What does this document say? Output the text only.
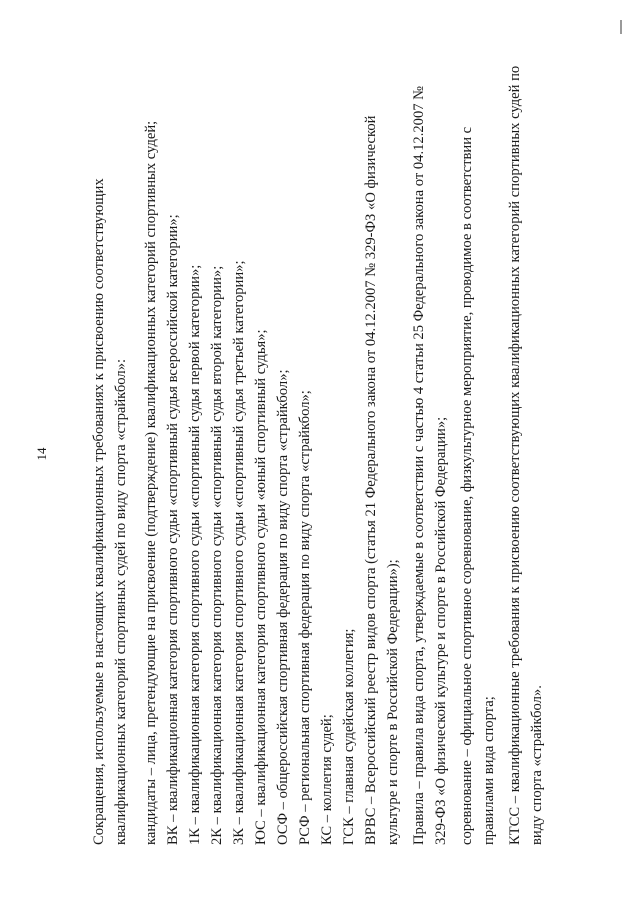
14	Сокращения, используемые в настоящих квалификационных требованиях к присвоению соответствующих квалификационных категорий спортивных судей по виду спорта «страйкбол»: кандидаты – лица, претендующие на присвоение (подтверждение) квалификационных категорий спортивных судей; ВК – квалификационная категория спортивного судьи «спортивный судья всероссийской категории»; 1К – квалификационная категория спортивного судьи «спортивный судья первой категории»; 2К – квалификационная категория спортивного судьи «спортивный судья второй категории»; 3К – квалификационная категория спортивного судьи «спортивный судья третьей категории»; ЮС – квалификационная категория спортивного судьи «юный спортивный судья»; ОСФ – общероссийская спортивная федерация по виду спорта «страйкбол»; РСФ – региональная спортивная федерация по виду спорта «страйкбол»; КС – коллегия судей; ГСК – главная судейская коллегия; ВРВС – Всероссийский реестр видов спорта (статья 21 Федерального закона от 04.12.2007 № 329-ФЗ «О физической культуре и спорте в Российской Федерации»); Правила – правила вида спорта, утверждаемые в соответствии с частью 4 статьи 25 Федерального закона от 04.12.2007 № 329-ФЗ «О физической культуре и спорте в Российской Федерации»; соревнование – официальное спортивное соревнование, физкультурное мероприятие, проводимое в соответствии с правилами вида спорта; КТСС – квалификационные требования к присвоению соответствующих квалификационных категорий спортивных судей по виду спорта «страйкбол».
